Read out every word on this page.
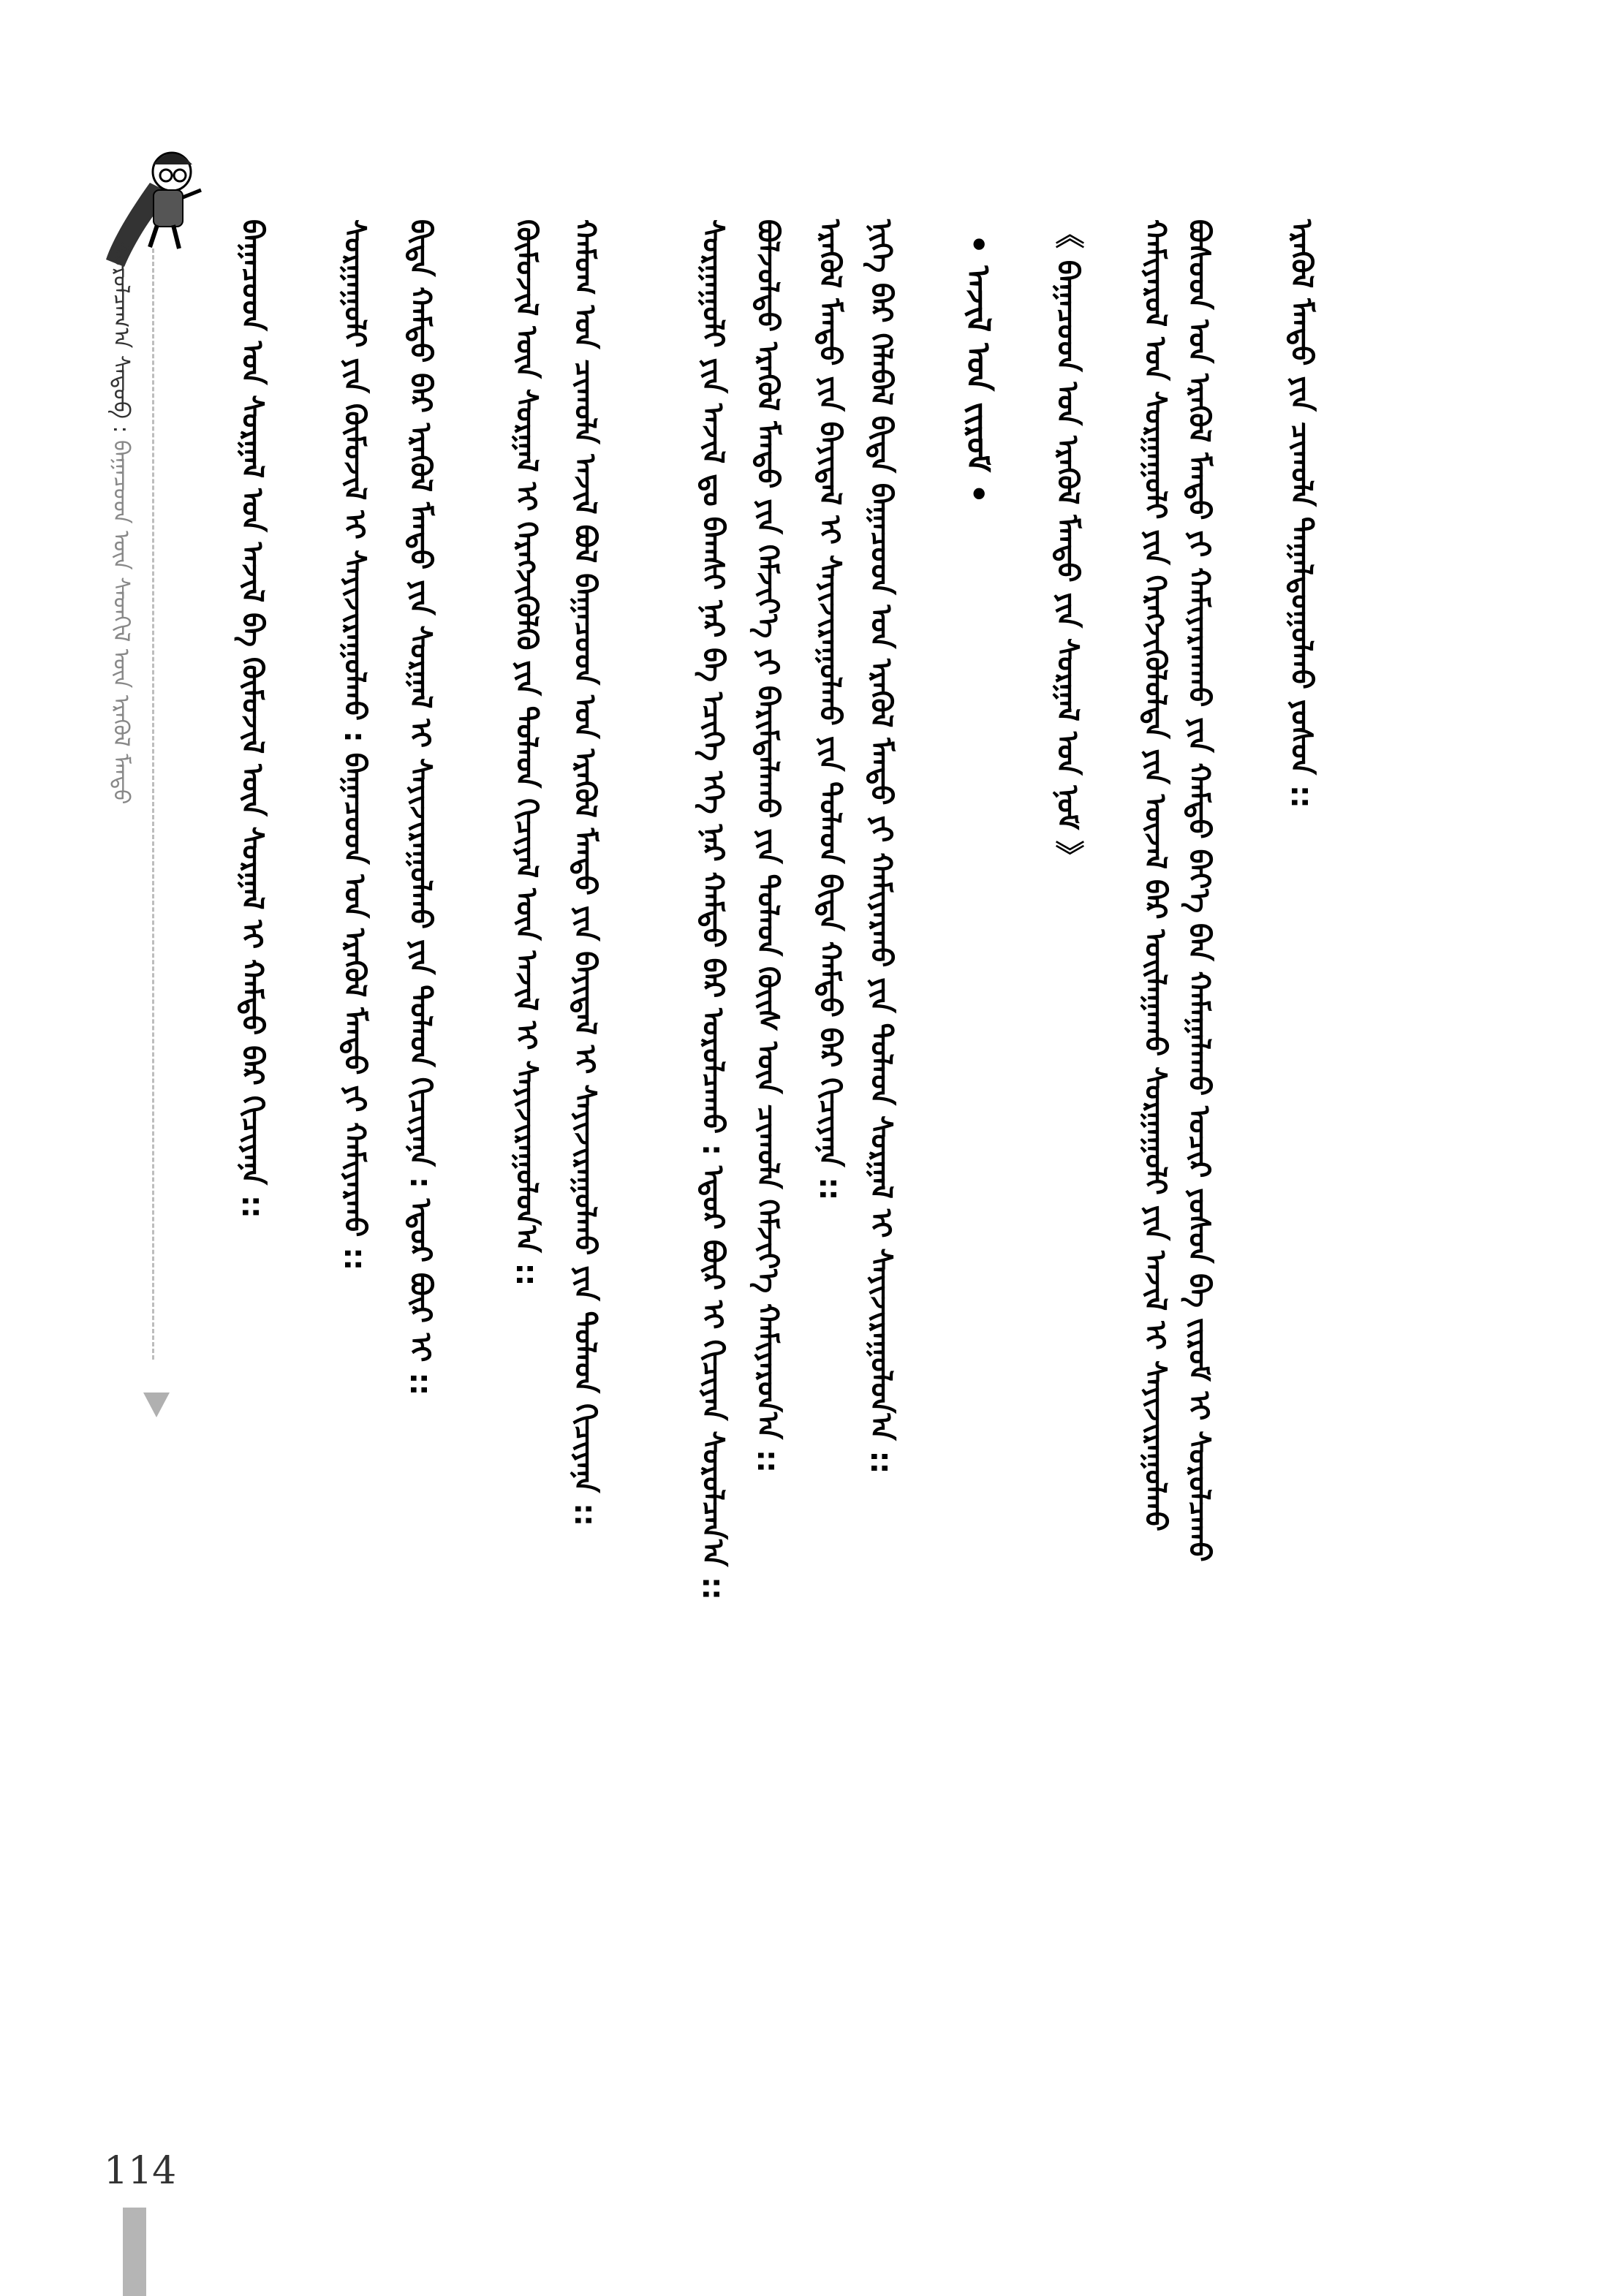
ᠰᠤᠷᠤᠯᠴᠠᠭ᠎ᠠ ᠰᠡᠳᠦᠪ : ᠪᠠᠭᠠᠴᠤᠳ ᠦᠨ ᠰᠡᠳᠬᠢᠯ ᠦᠨ ᠡᠷᠡᠭᠦᠯ ᠮᠡᠨᠳᠦ	ᠡᠷᠡᠭᠦᠯ ᠮᠡᠨᠳᠦ ᠶᠢᠨ ᠴᠢᠬᠤᠯᠠ ᠳᠠᠭᠠᠯᠳᠤᠭᠤᠯᠬᠤ ᠶᠣᠰᠤᠨ ::
ᠪᠤᠰᠤᠳ ᠤᠨ ᠡᠷᠡᠭᠦᠯ ᠮᠡᠨᠳᠦ ᠶᠢ ᠬᠠᠮᠢᠶᠠᠷᠬᠠᠬᠤ ᠶᠢᠨ ᠬᠠᠮᠲᠤ ᠪᠡᠶ᠎ᠡ ᠪᠡᠨ ᠬᠠᠮᠠᠭᠠᠯᠠᠬᠤ ᠤᠴᠢᠷ ᠶᠤᠰᠤᠨ ᠪᠠ ᠵᠢᠷᠤᠮ ᠢ ᠰᠤᠷᠤᠯᠴᠠᠬᠤ
ᠬᠠᠮᠢᠶᠠᠷᠤᠯ ᠤᠨ ᠰᠤᠷᠭᠠᠭᠤᠯᠢ ᠶᠢᠨ ᠬᠡᠷᠡᠭᠵᠢᠭᠦᠯᠦᠯᠲᠡ ᠶᠢᠨ ᠦᠵᠡᠯ ᠪᠠᠷ ᠤᠢᠯᠠᠭᠠᠬᠤ ᠰᠤᠷᠭᠠᠭᠤᠯᠢ ᠶᠢᠨ ᠠᠵᠢᠯ ᠢ ᠰᠠᠶᠢᠵᠢᠷᠠᠭᠤᠯᠬᠤ
《 ᠪᠠᠭᠠᠴᠤᠳ ᠤᠨ ᠡᠷᠡᠭᠦᠯ ᠮᠡᠨᠳᠦ ᠶᠢᠨ ᠰᠤᠷᠭᠠᠯ ᠤᠨ ᠨᠣᠮ 》
• ᠠᠵᠢᠯ ᠤᠨ ᠵᠢᠷᠤᠮ •
ᠨᠢᠭᠡ ᠪᠡᠷ ᠬᠡᠯᠡᠪᠡᠯ ᠪᠢᠳᠡ ᠪᠠᠭᠠᠴᠤᠳ ᠤᠨ ᠡᠷᠡᠭᠦᠯ ᠮᠡᠨᠳᠦ ᠶᠢ ᠬᠠᠮᠢᠶᠠᠷᠬᠤ ᠶᠢᠨ ᠲᠤᠯᠠᠳ ᠰᠤᠷᠭᠠᠯ ᠢ ᠰᠠᠶᠢᠵᠢᠷᠠᠭᠤᠯᠤᠨ᠎ᠠ ::
ᠡᠷᠡᠭᠦᠯ ᠮᠡᠨᠳᠦ ᠶᠢᠨ ᠪᠠᠶᠢᠳᠠᠯ ᠢ ᠰᠠᠶᠢᠵᠢᠷᠠᠭᠤᠯᠬᠤ ᠶᠢᠨ ᠲᠤᠯᠠᠳ ᠪᠢᠳᠡ ᠬᠠᠮᠲᠤ ᠪᠡᠷ ᠬᠢᠴᠢᠶᠡᠨᠡ ::
ᠪᠣᠯᠵᠣᠯᠲᠤ ᠡᠷᠡᠭᠦᠯ ᠮᠡᠨᠳᠦ ᠶᠢᠨ ᠬᠡᠮᠵᠢᠶ᠎ᠡ ᠶᠢ ᠪᠠᠷᠢᠮᠲᠠᠯᠠᠬᠤ ᠶᠢᠨ ᠲᠤᠯᠠᠳ ᠬᠦᠢᠰ ᠦᠨ ᠴᠢᠬᠤᠯᠠ ᠬᠡᠮᠵᠢᠶ᠎ᠡ ᠬᠠᠮᠢᠶᠠᠷᠤᠨ᠎ᠠ ::
ᠰᠤᠷᠭᠠᠭᠤᠯᠢ ᠶᠢᠨ ᠠᠵᠢᠯ ᠳᠤ ᠪᠠᠭᠰᠢ ᠨᠠᠷ ᠪᠠ ᠡᠴᠢᠭᠡ ᠡᠬᠡ ᠨᠠᠷ ᠬᠠᠮᠲᠤ ᠪᠡᠷ ᠣᠷᠣᠯᠴᠠᠬᠤ : ᠡᠳᠦᠷ ᠪᠦᠷ ᠢ ᠬᠢᠴᠢᠶᠡᠨ ᠰᠤᠷᠤᠯᠴᠠᠨ᠎ᠠ ::
ᠬᠠᠮᠤᠭ ᠤᠨ ᠴᠢᠬᠤᠯᠠ ᠠᠵᠢᠯ ᠪᠣᠯ ᠪᠠᠭᠠᠴᠤᠳ ᠤᠨ ᠡᠷᠡᠭᠦᠯ ᠮᠡᠨᠳᠦ ᠶᠢᠨ ᠪᠠᠶᠢᠳᠠᠯ ᠢ ᠰᠠᠶᠢᠵᠢᠷᠠᠭᠤᠯᠬᠤ ᠶᠢᠨ ᠲᠤᠯᠠᠳ ᠬᠢᠴᠢᠶᠡᠨᠡ ::
ᠬᠦᠮᠦᠵᠢᠯ ᠦᠨ ᠰᠤᠷᠭᠠᠯ ᠢ ᠬᠡᠷᠡᠭᠵᠢᠭᠦᠯᠬᠦ ᠶᠢᠨ ᠲᠤᠯᠠᠳ ᠬᠢᠴᠢᠶᠡᠯ ᠦᠨ ᠠᠵᠢᠯ ᠢ ᠰᠠᠶᠢᠵᠢᠷᠠᠭᠤᠯᠤᠨ᠎ᠠ ::
ᠪᠢᠳᠡ ᠬᠠᠮᠲᠤ ᠪᠡᠷ ᠡᠷᠡᠭᠦᠯ ᠮᠡᠨᠳᠦ ᠶᠢᠨ ᠰᠤᠷᠭᠠᠯ ᠢ ᠰᠠᠶᠢᠵᠢᠷᠠᠭᠤᠯᠬᠤ ᠶᠢᠨ ᠲᠤᠯᠠᠳ ᠬᠢᠴᠢᠶᠡᠨᠡ : ᠡᠳᠦᠷ ᠪᠦᠷ ᠢ ::
ᠰᠤᠷᠭᠠᠭᠤᠯᠢ ᠶᠢᠨ ᠬᠦᠮᠦᠵᠢᠯ ᠢ ᠰᠠᠶᠢᠵᠢᠷᠠᠭᠤᠯᠬᠤ : ᠪᠠᠭᠠᠴᠤᠳ ᠤᠨ ᠡᠷᠡᠭᠦᠯ ᠮᠡᠨᠳᠦ ᠶᠢ ᠬᠠᠮᠢᠶᠠᠷᠬᠤ ::
ᠪᠠᠭᠠᠴᠤᠳ ᠤᠨ ᠰᠤᠷᠭᠠᠯ ᠤᠨ ᠠᠵᠢᠯ ᠪᠠ ᠬᠦᠮᠦᠵᠢᠯ ᠦᠨ ᠰᠤᠷᠭᠠᠯ ᠢ ᠬᠠᠮᠲᠤ ᠪᠡᠷ ᠬᠢᠴᠢᠶᠡᠨᠡ ::
114
